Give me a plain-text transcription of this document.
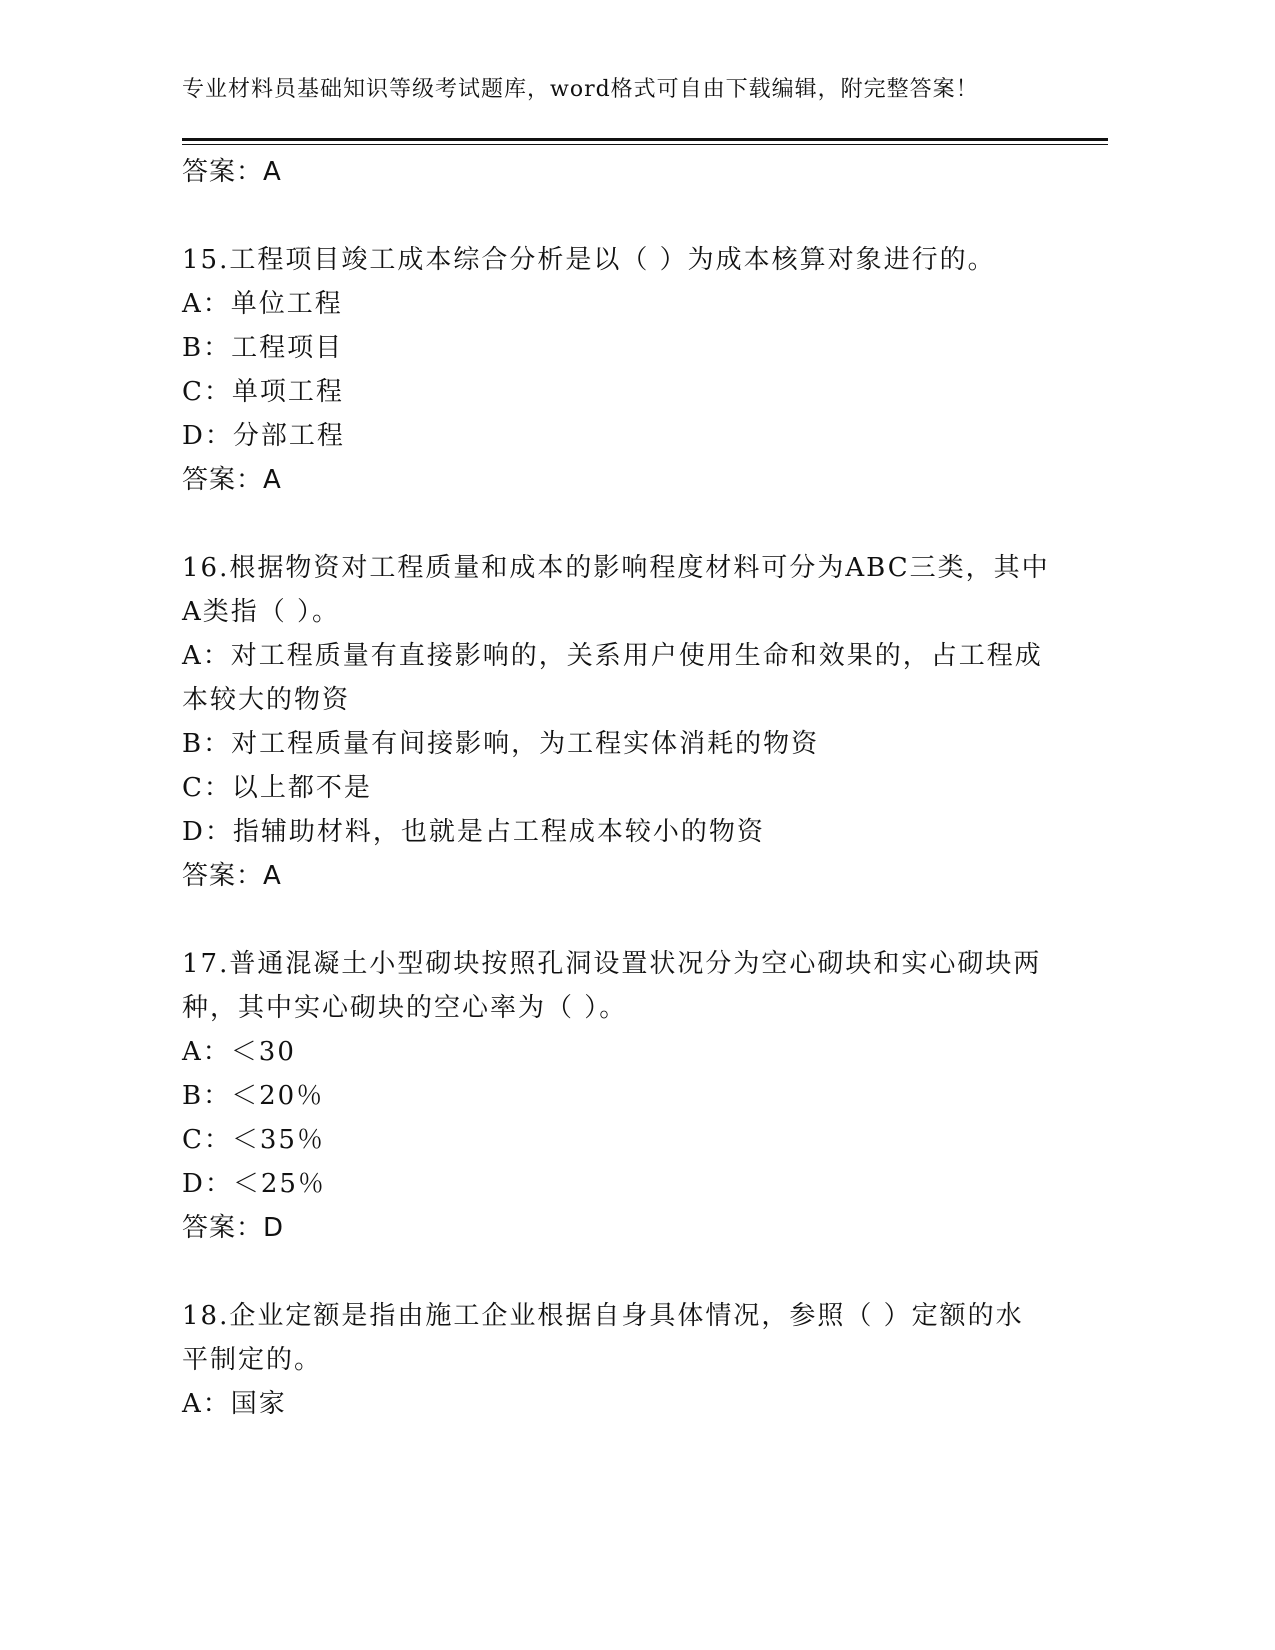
专业材料员基础知识等级考试题库，word格式可自由下载编辑，附完整答案！
答案：A
15.工程项目竣工成本综合分析是以（ ）为成本核算对象进行的。
A：单位工程
B：工程项目
C：单项工程
D：分部工程
答案：A
16.根据物资对工程质量和成本的影响程度材料可分为ABC三类，其中
A类指（ ）。
A：对工程质量有直接影响的，关系用户使用生命和效果的，占工程成
本较大的物资
B：对工程质量有间接影响，为工程实体消耗的物资
C：以上都不是
D：指辅助材料，也就是占工程成本较小的物资
答案：A
17.普通混凝土小型砌块按照孔洞设置状况分为空心砌块和实心砌块两
种，其中实心砌块的空心率为（ ）。
A：＜30
B：＜20％
C：＜35％
D：＜25％
答案：D
18.企业定额是指由施工企业根据自身具体情况，参照（ ）定额的水
平制定的。
A：国家
